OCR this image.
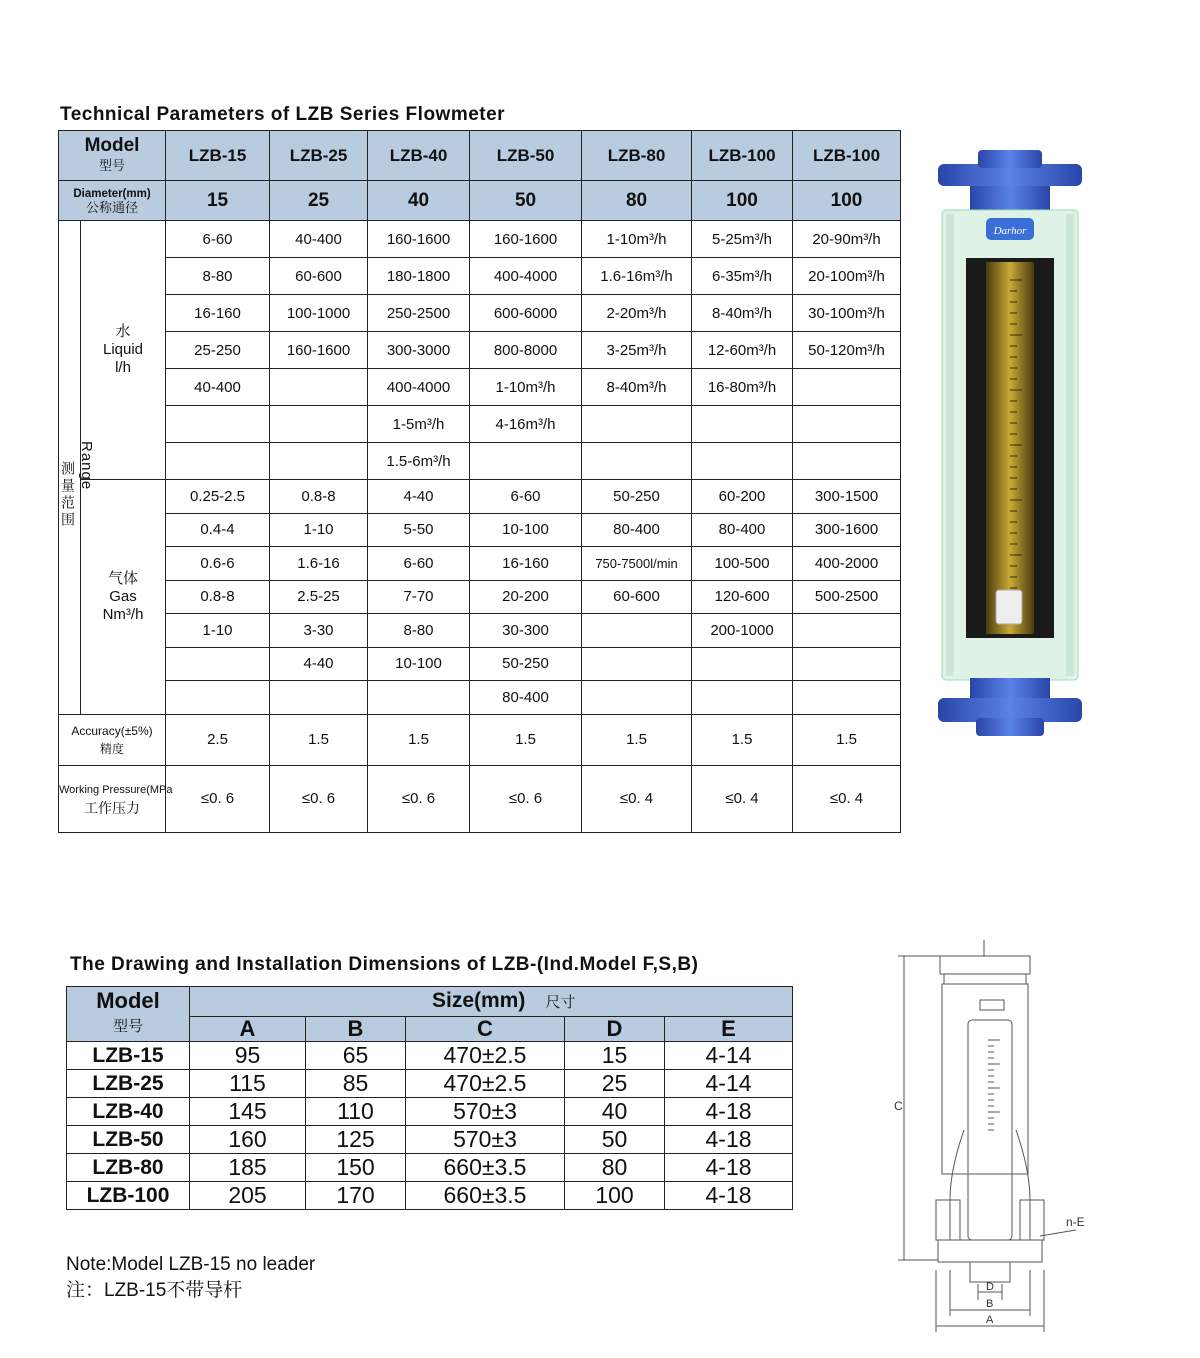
Technical Parameters of LZB Series Flowmeter
Model
型号		LZB-15	LZB-25	LZB-40	LZB-50	LZB-80	LZB-100	LZB-100
Diameter(mm)
公称通径		15	25	40	50	80	100	100

Range
测量范围	水
Liquid
l/h	6-60	40-400	160-1600	160-1600	1-10m³/h	5-25m³/h	20-90m³/h
		8-80	60-600	180-1800	400-4000	1.6-16m³/h	6-35m³/h	20-100m³/h
		16-160	100-1000	250-2500	600-6000	2-20m³/h	8-40m³/h	30-100m³/h
		25-250	160-1600	300-3000	800-8000	3-25m³/h	12-60m³/h	50-120m³/h
		40-400		400-4000	1-10m³/h	8-40m³/h	16-80m³/h	
				1-5m³/h	4-16m³/h			
				1.5-6m³/h				

	气体
Gas
Nm³/h	0.25-2.5	0.8-8	4-40	6-60	50-250	60-200	300-1500
		0.4-4	1-10	5-50	10-100	80-400	80-400	300-1600
		0.6-6	1.6-16	6-60	16-160	750-7500l/min	100-500	400-2000
		0.8-8	2.5-25	7-70	20-200	60-600	120-600	500-2500
		1-10	3-30	8-80	30-300		200-1000	
			4-40	10-100	50-250			
					80-400			

Accuracy(±5%)
精度		2.5	1.5	1.5	1.5	1.5	1.5	1.5

Working Pressure(MPa
工作压力		≤0. 6	≤0. 6	≤0. 6	≤0. 6	≤0. 4	≤0. 4	≤0. 4
The Drawing and Installation Dimensions of LZB-(Ind.Model F,S,B)
Model
型号	Size(mm) 尺寸				
	A	B	C	D	E
LZB-15	95	65	470±2.5	15	4-14
LZB-25	115	85	470±2.5	25	4-14
LZB-40	145	110	570±3	40	4-18
LZB-50	160	125	570±3	50	4-18
LZB-80	185	150	660±3.5	80	4-18
LZB-100	205	170	660±3.5	100	4-18
Note:Model LZB-15 no leader
注：LZB-15不带导杆
Darhor
C
n-E
D
B
A
